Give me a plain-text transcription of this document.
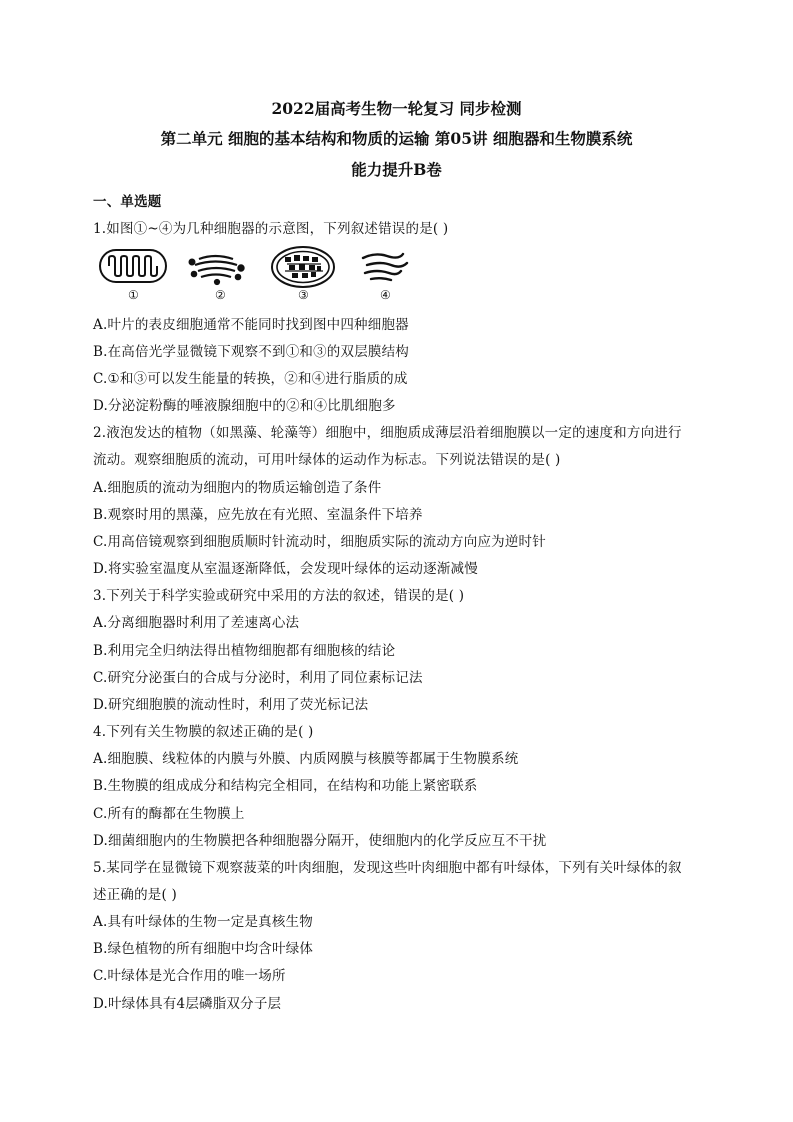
2022届高考生物一轮复习 同步检测
第二单元 细胞的基本结构和物质的运输 第05讲 细胞器和生物膜系统
能力提升B卷
一、单选题
1.如图①~④为几种细胞器的示意图，下列叙述错误的是( )
①	②	③	④
A.叶片的表皮细胞通常不能同时找到图中四种细胞器
B.在高倍光学显微镜下观察不到①和③的双层膜结构
C.①和③可以发生能量的转换，②和④进行脂质的成
D.分泌淀粉酶的唾液腺细胞中的②和④比肌细胞多
2.液泡发达的植物（如黑藻、轮藻等）细胞中，细胞质成薄层沿着细胞膜以一定的速度和方向进行
流动。观察细胞质的流动，可用叶绿体的运动作为标志。下列说法错误的是( )
A.细胞质的流动为细胞内的物质运输创造了条件
B.观察时用的黑藻，应先放在有光照、室温条件下培养
C.用高倍镜观察到细胞质顺时针流动时，细胞质实际的流动方向应为逆时针
D.将实验室温度从室温逐渐降低，会发现叶绿体的运动逐渐减慢
3.下列关于科学实验或研究中采用的方法的叙述，错误的是( )
A.分离细胞器时利用了差速离心法
B.利用完全归纳法得出植物细胞都有细胞核的结论
C.研究分泌蛋白的合成与分泌时，利用了同位素标记法
D.研究细胞膜的流动性时，利用了荧光标记法
4.下列有关生物膜的叙述正确的是( )
A.细胞膜、线粒体的内膜与外膜、内质网膜与核膜等都属于生物膜系统
B.生物膜的组成成分和结构完全相同，在结构和功能上紧密联系
C.所有的酶都在生物膜上
D.细菌细胞内的生物膜把各种细胞器分隔开，使细胞内的化学反应互不干扰
5.某同学在显微镜下观察菠菜的叶肉细胞，发现这些叶肉细胞中都有叶绿体，下列有关叶绿体的叙
述正确的是( )
A.具有叶绿体的生物一定是真核生物
B.绿色植物的所有细胞中均含叶绿体
C.叶绿体是光合作用的唯一场所
D.叶绿体具有4层磷脂双分子层
